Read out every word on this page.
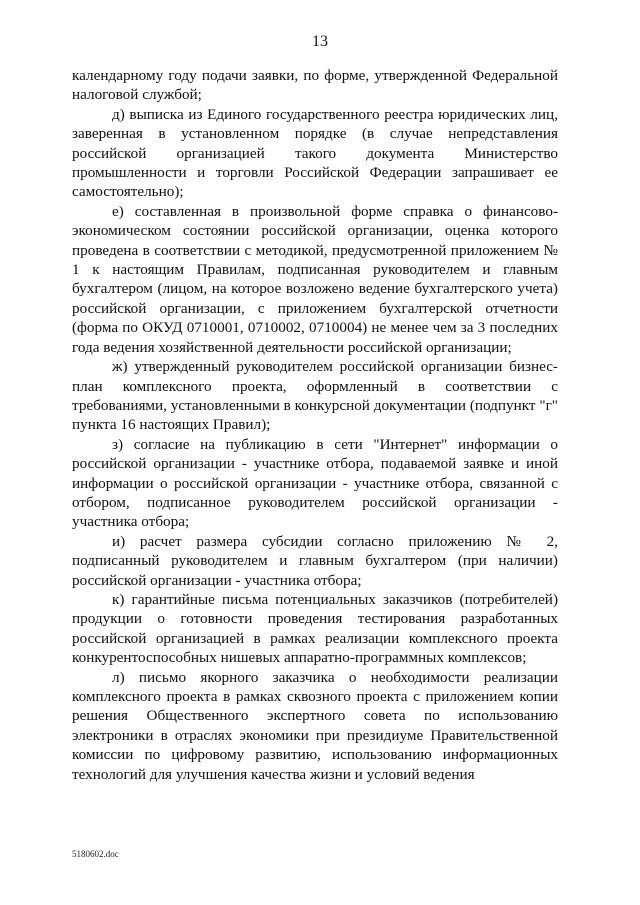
13

календарному году подачи заявки, по форме, утвержденной Федеральной налоговой службой;

д) выписка из Единого государственного реестра юридических лиц, заверенная в установленном порядке (в случае непредставления российской организацией такого документа Министерство промышленности и торговли Российской Федерации запрашивает ее самостоятельно);

е) составленная в произвольной форме справка о финансово-экономическом состоянии российской организации, оценка которого проведена в соответствии с методикой, предусмотренной приложением № 1 к настоящим Правилам, подписанная руководителем и главным бухгалтером (лицом, на которое возложено ведение бухгалтерского учета) российской организации, с приложением бухгалтерской отчетности (форма по ОКУД 0710001, 0710002, 0710004) не менее чем за 3 последних года ведения хозяйственной деятельности российской организации;

ж) утвержденный руководителем российской организации бизнес-план комплексного проекта, оформленный в соответствии с требованиями, установленными в конкурсной документации (подпункт "г" пункта 16 настоящих Правил);

з) согласие на публикацию в сети "Интернет" информации о российской организации - участнике отбора, подаваемой заявке и иной информации о российской организации - участнике отбора, связанной с отбором, подписанное руководителем российской организации - участника отбора;

и) расчет размера субсидии согласно приложению № 2, подписанный руководителем и главным бухгалтером (при наличии) российской организации - участника отбора;

к) гарантийные письма потенциальных заказчиков (потребителей) продукции о готовности проведения тестирования разработанных российской организацией в рамках реализации комплексного проекта конкурентоспособных нишевых аппаратно-программных комплексов;

л) письмо якорного заказчика о необходимости реализации комплексного проекта в рамках сквозного проекта с приложением копии решения Общественного экспертного совета по использованию электроники в отраслях экономики при президиуме Правительственной комиссии по цифровому развитию, использованию информационных технологий для улучшения качества жизни и условий ведения

5180602.doc
